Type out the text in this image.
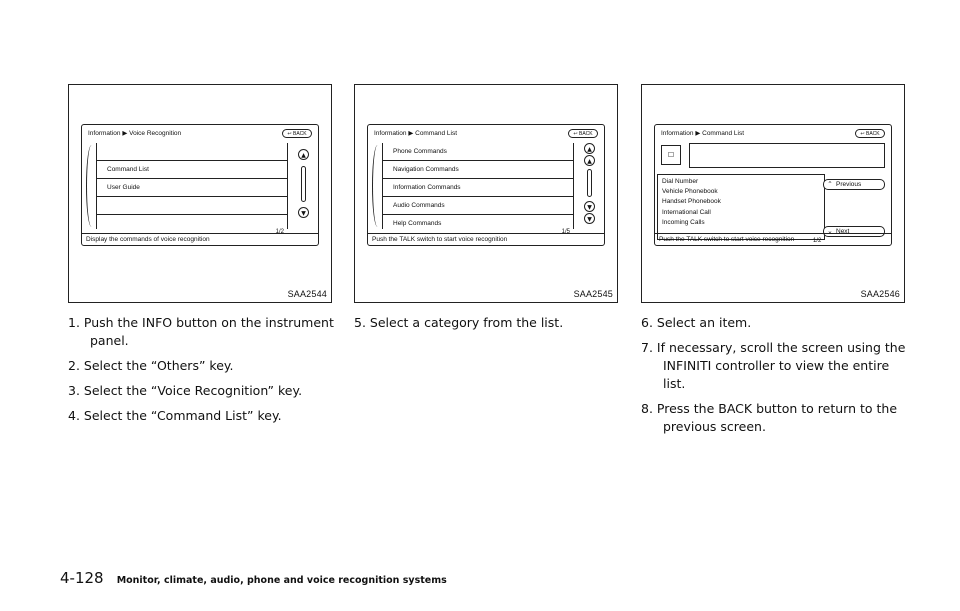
Information ▶ Voice Recognition	↩ BACK
Command List
User Guide
▲
▼
1/2
Display the commands of voice recognition
SAA2544
Information ▶ Command List	↩ BACK
Phone Commands
Navigation Commands
Information Commands
Audio Commands
Help Commands
▲
▲
▼
▼
1/5
Push the TALK switch to start voice recognition
SAA2545
Information ▶ Command List	↩ BACK
☐
Dial Number
Vehicle Phonebook
Handset Phonebook
International Call
Incoming Calls
⌃ Previous
⌄ Next
1/2
Push the TALK switch to start voice recognition
SAA2546
1. Push the INFO button on the instrument panel.
2. Select the “Others” key.
3. Select the “Voice Recognition” key.
4. Select the “Command List” key.
5. Select a category from the list.	6. Select an item.
7. If necessary, scroll the screen using the INFINITI controller to view the entire list.
8. Press the BACK button to return to the previous screen.
4-128 Monitor, climate, audio, phone and voice recognition systems
